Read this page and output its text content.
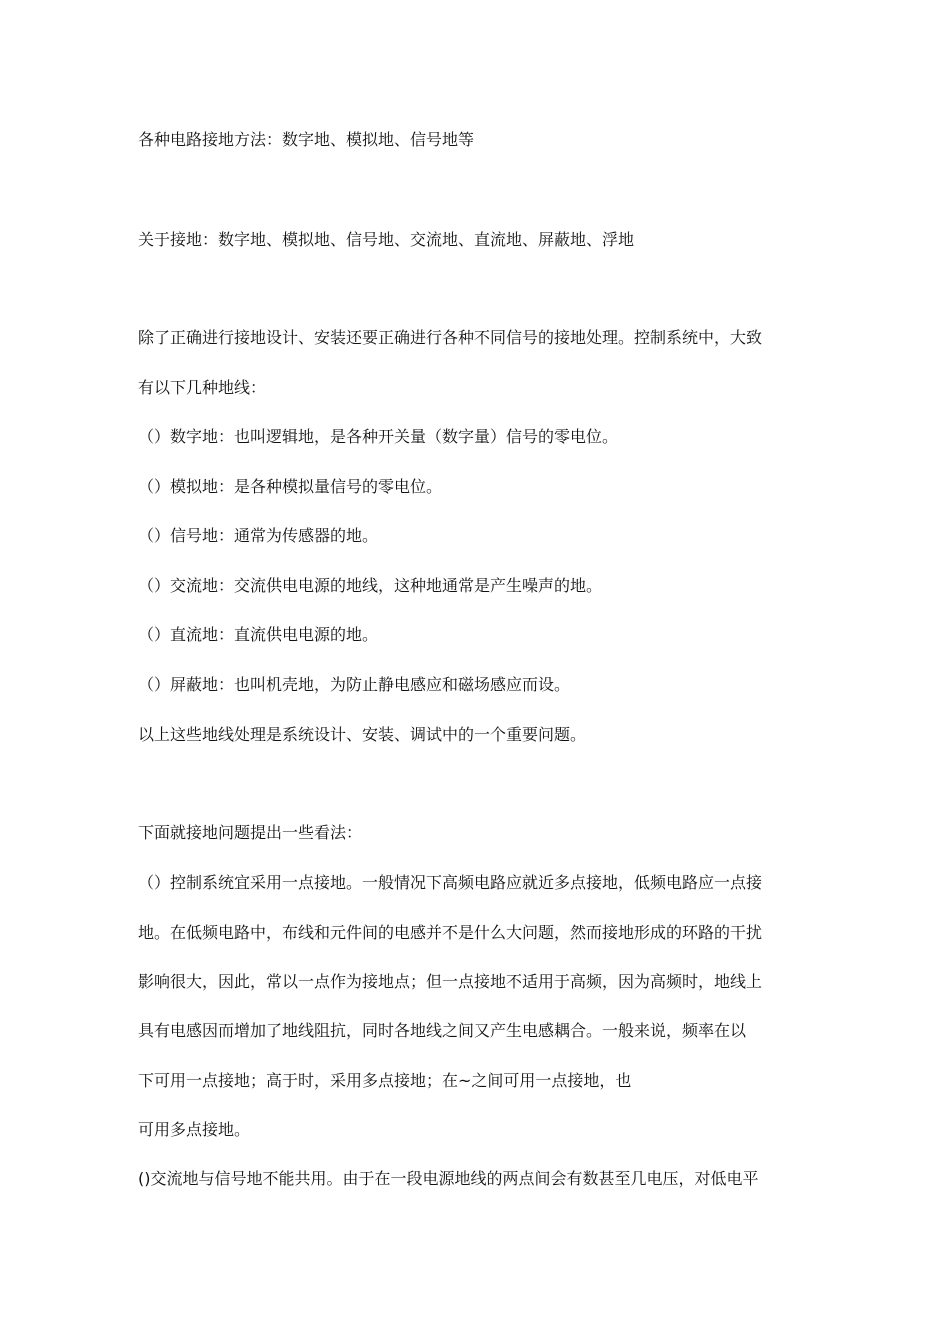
各种电路接地方法：数字地、模拟地、信号地等
关于接地：数字地、模拟地、信号地、交流地、直流地、屏蔽地、浮地
除了正确进行接地设计、安装还要正确进行各种不同信号的接地处理。控制系统中，大致
有以下几种地线：
（）数字地：也叫逻辑地，是各种开关量（数字量）信号的零电位。
（）模拟地：是各种模拟量信号的零电位。
（）信号地：通常为传感器的地。
（）交流地：交流供电电源的地线，这种地通常是产生噪声的地。
（）直流地：直流供电电源的地。
（）屏蔽地：也叫机壳地，为防止静电感应和磁场感应而设。
以上这些地线处理是系统设计、安装、调试中的一个重要问题。
下面就接地问题提出一些看法：
（）控制系统宜采用一点接地。一般情况下高频电路应就近多点接地，低频电路应一点接
地。在低频电路中，布线和元件间的电感并不是什么大问题，然而接地形成的环路的干扰
影响很大，因此，常以一点作为接地点；但一点接地不适用于高频，因为高频时，地线上
具有电感因而增加了地线阻抗，同时各地线之间又产生电感耦合。一般来说，频率在以
下可用一点接地；高于时，采用多点接地；在~之间可用一点接地，也
可用多点接地。
()交流地与信号地不能共用。由于在一段电源地线的两点间会有数甚至几电压，对低电平
